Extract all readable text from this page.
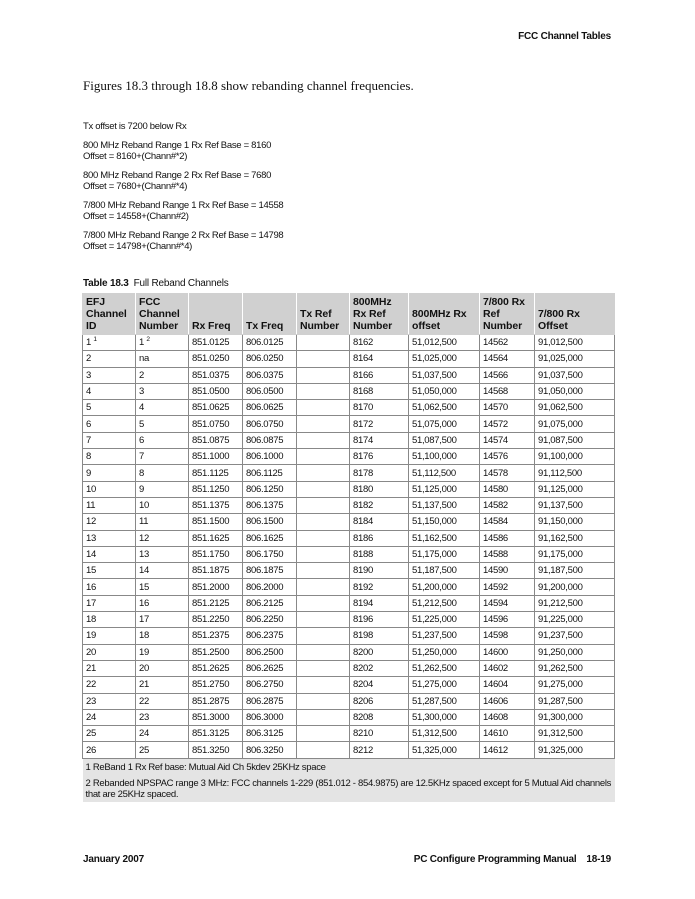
FCC Channel Tables

Figures 18.3 through 18.8 show rebanding channel frequencies.

Tx offset is 7200 below Rx

800 MHz Reband Range 1 Rx Ref Base = 8160

Offset = 8160+(Chann#*2)

800 MHz Reband Range 2 Rx Ref Base = 7680

Offset = 7680+(Chann#*4)

7/800 MHz Reband Range 1 Rx Ref Base = 14558

Offset = 14558+(Chann#2)

7/800 MHz Reband Range 2 Rx Ref Base = 14798

Offset = 14798+(Chann#*4)

Table 18.3 Full Reband Channels
EFJ
Channel
ID	FCC
Channel
Number	Rx Freq	Tx Freq	Tx Ref
Number	800MHz
Rx Ref
Number	800MHz Rx
offset	7/800 Rx
Ref
Number	7/800 Rx
Offset
1 $^1$	1 $^2$	851.0125	806.0125		8162	51,012,500	14562	91,012,500
2	na	851.0250	806.0250		8164	51,025,000	14564	91,025,000
3	2	851.0375	806.0375		8166	51,037,500	14566	91,037,500
4	3	851.0500	806.0500		8168	51,050,000	14568	91,050,000
5	4	851.0625	806.0625		8170	51,062,500	14570	91,062,500
6	5	851.0750	806.0750		8172	51,075,000	14572	91,075,000
7	6	851.0875	806.0875		8174	51,087,500	14574	91,087,500
8	7	851.1000	806.1000		8176	51,100,000	14576	91,100,000
9	8	851.1125	806.1125		8178	51,112,500	14578	91,112,500
10	9	851.1250	806.1250		8180	51,125,000	14580	91,125,000
11	10	851.1375	806.1375		8182	51,137,500	14582	91,137,500
12	11	851.1500	806.1500		8184	51,150,000	14584	91,150,000
13	12	851.1625	806.1625		8186	51,162,500	14586	91,162,500
14	13	851.1750	806.1750		8188	51,175,000	14588	91,175,000
15	14	851.1875	806.1875		8190	51,187,500	14590	91,187,500
16	15	851.2000	806.2000		8192	51,200,000	14592	91,200,000
17	16	851.2125	806.2125		8194	51,212,500	14594	91,212,500
18	17	851.2250	806.2250		8196	51,225,000	14596	91,225,000
19	18	851.2375	806.2375		8198	51,237,500	14598	91,237,500
20	19	851.2500	806.2500		8200	51,250,000	14600	91,250,000
21	20	851.2625	806.2625		8202	51,262,500	14602	91,262,500
22	21	851.2750	806.2750		8204	51,275,000	14604	91,275,000
23	22	851.2875	806.2875		8206	51,287,500	14606	91,287,500
24	23	851.3000	806.3000		8208	51,300,000	14608	91,300,000
25	24	851.3125	806.3125		8210	51,312,500	14610	91,312,500
26	25	851.3250	806.3250		8212	51,325,000	14612	91,325,000
1 ReBand 1 Rx Ref base: Mutual Aid Ch 5kdev 25KHz space								
2 Rebanded NPSPAC range 3 MHz: FCC channels 1-229 (851.012 - 854.9875) are 12.5KHz spaced except for 5 Mutual Aid channels that are 25KHz spaced.								
January 2007	PC Configure Programming Manual 18-19
